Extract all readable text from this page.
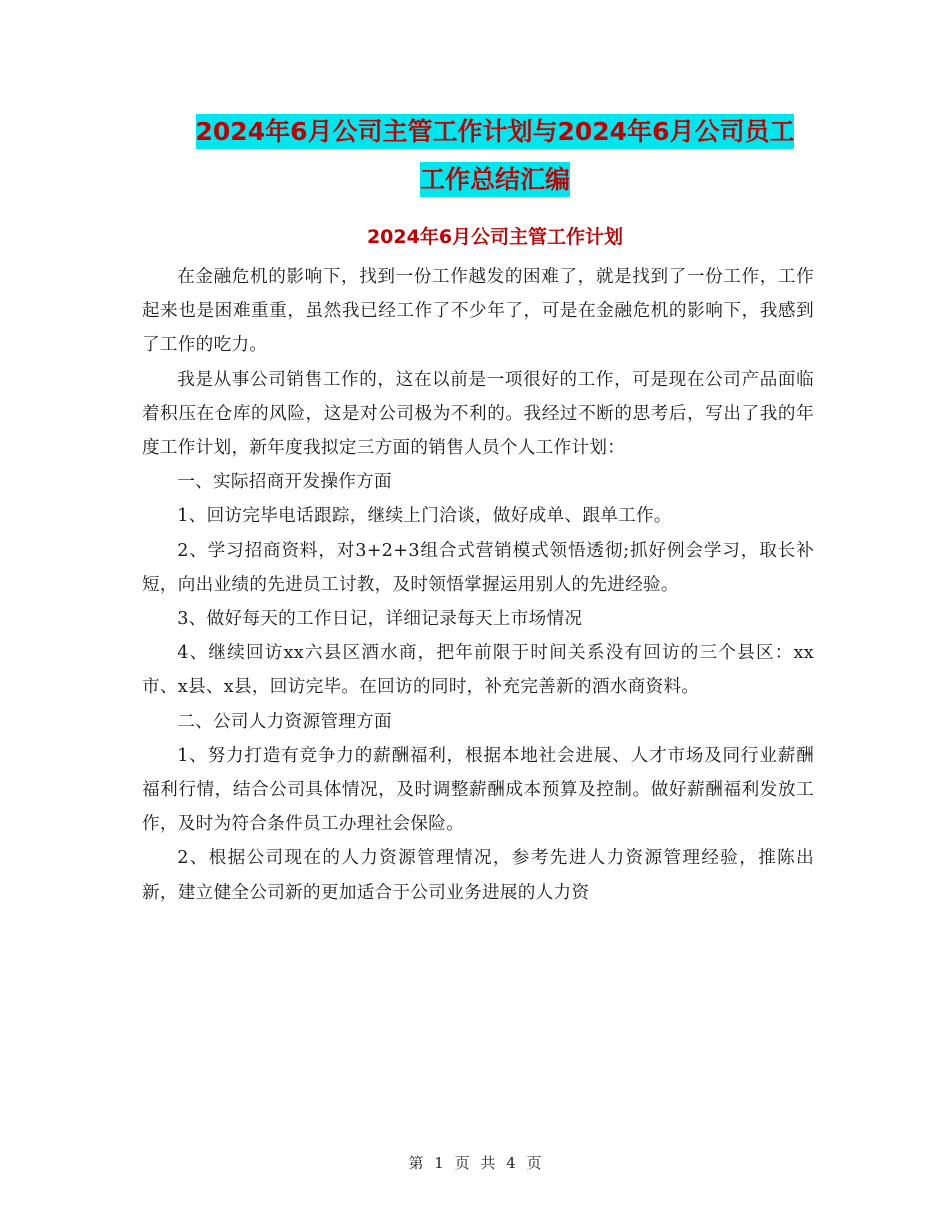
2024年6月公司主管工作计划与2024年6月公司员工
工作总结汇编
2024年6月公司主管工作计划

在金融危机的影响下，找到一份工作越发的困难了，就是找到了一份工作，工作起来也是困难重重，虽然我已经工作了不少年了，可是在金融危机的影响下，我感到了工作的吃力。

我是从事公司销售工作的，这在以前是一项很好的工作，可是现在公司产品面临着积压在仓库的风险，这是对公司极为不利的。我经过不断的思考后，写出了我的年度工作计划，新年度我拟定三方面的销售人员个人工作计划：

一、实际招商开发操作方面

1、回访完毕电话跟踪，继续上门洽谈，做好成单、跟单工作。

2、学习招商资料，对3+2+3组合式营销模式领悟透彻;抓好例会学习，取长补短，向出业绩的先进员工讨教，及时领悟掌握运用别人的先进经验。

3、做好每天的工作日记，详细记录每天上市场情况

4、继续回访xx六县区酒水商，把年前限于时间关系没有回访的三个县区：xx市、x县、x县，回访完毕。在回访的同时，补充完善新的酒水商资料。

二、公司人力资源管理方面

1、努力打造有竞争力的薪酬福利，根据本地社会进展、人才市场及同行业薪酬福利行情，结合公司具体情况，及时调整薪酬成本预算及控制。做好薪酬福利发放工作，及时为符合条件员工办理社会保险。

2、根据公司现在的人力资源管理情况，参考先进人力资源管理经验，推陈出新，建立健全公司新的更加适合于公司业务进展的人力资

第 1 页 共 4 页
